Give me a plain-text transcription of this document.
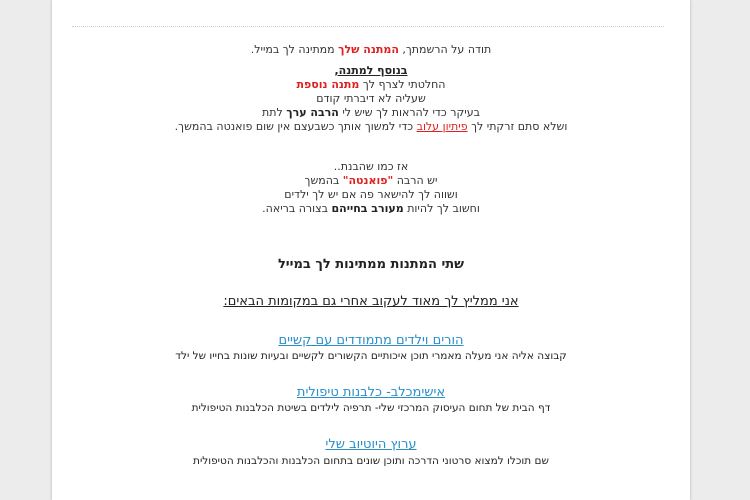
תודה על הרשמתך, המתנה שלך ממתינה לך במייל.
בנוסף למתנה,
החלטתי לצרף לך מתנה נוספת
שעליה לא דיברתי קודם
בעיקר כדי להראות לך שיש לי הרבה ערך לתת
ושלא סתם זרקתי לך פיתיון עלוב כדי למשוך אותך כשבעצם אין שום פואנטה בהמשך.
אז כמו שהבנת..
יש הרבה "פואנטה" בהמשך
ושווה לך להישאר פה אם יש לך ילדים
וחשוב לך להיות מעורב בחייהם בצורה בריאה.
שתי המתנות ממתינות לך במייל
אני ממליץ לך מאוד לעקוב אחרי גם במקומות הבאים:
הורים וילדים מתמודדים עם קשיים
קבוצה אליה אני מעלה מאמרי תוכן איכותיים הקשורים לקשיים ובעיות שונות בחייו של ילד
אישימכלב- כלבנות טיפולית
דף הבית של תחום העיסוק המרכזי שלי- תרפיה לילדים בשיטת הכלבנות הטיפולית
ערוץ היוטיוב שלי
שם תוכלו למצוא סרטוני הדרכה ותוכן שונים בתחום הכלבנות והכלבנות הטיפולית
